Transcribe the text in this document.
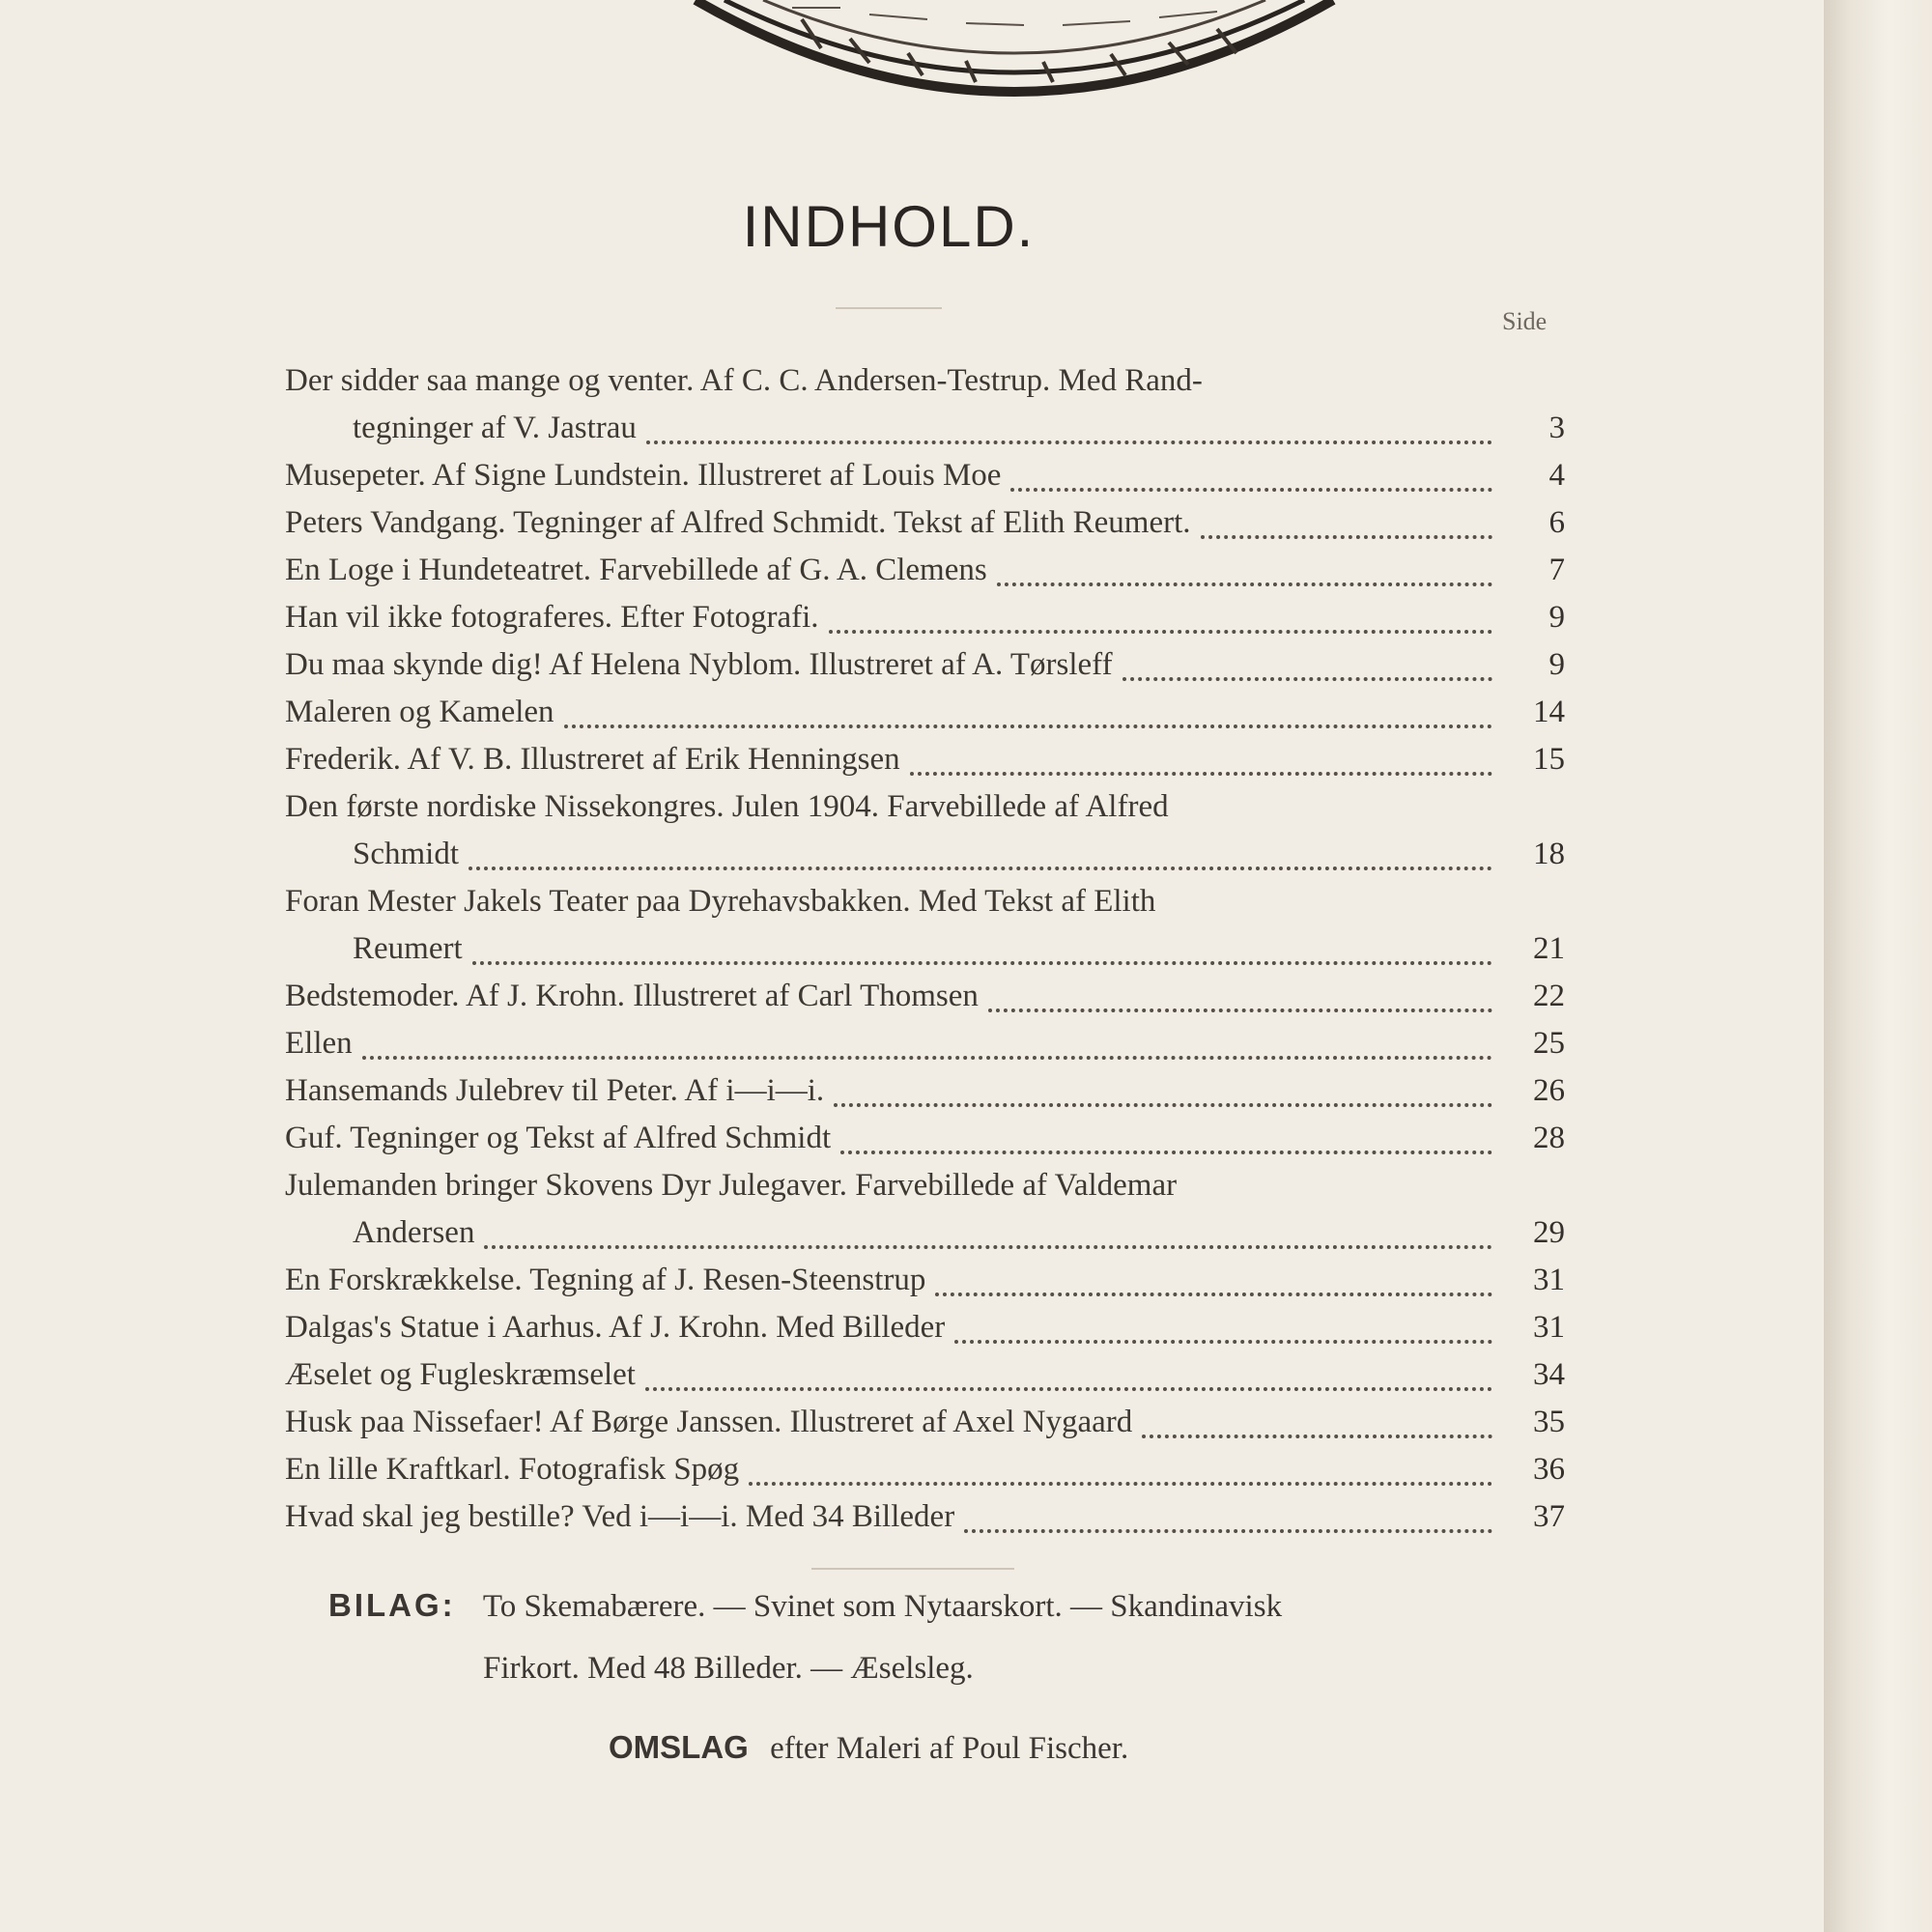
INDHOLD.
Side
Der sidder saa mange og venter. Af C. C. Andersen-Testrup. Med Rand-
tegninger af V. Jastrau	3
Musepeter. Af Signe Lundstein. Illustreret af Louis Moe	4
Peters Vandgang. Tegninger af Alfred Schmidt. Tekst af Elith Reumert.	6
En Loge i Hundeteatret. Farvebillede af G. A. Clemens	7
Han vil ikke fotograferes. Efter Fotografi.	9
Du maa skynde dig! Af Helena Nyblom. Illustreret af A. Tørsleff	9
Maleren og Kamelen	14
Frederik. Af V. B. Illustreret af Erik Henningsen	15
Den første nordiske Nissekongres. Julen 1904. Farvebillede af Alfred
Schmidt	18
Foran Mester Jakels Teater paa Dyrehavsbakken. Med Tekst af Elith
Reumert	21
Bedstemoder. Af J. Krohn. Illustreret af Carl Thomsen	22
Ellen	25
Hansemands Julebrev til Peter. Af i—i—i.	26
Guf. Tegninger og Tekst af Alfred Schmidt	28
Julemanden bringer Skovens Dyr Julegaver. Farvebillede af Valdemar
Andersen	29
En Forskrækkelse. Tegning af J. Resen-Steenstrup	31
Dalgas's Statue i Aarhus. Af J. Krohn. Med Billeder	31
Æselet og Fugleskræmselet	34
Husk paa Nissefaer! Af Børge Janssen. Illustreret af Axel Nygaard	35
En lille Kraftkarl. Fotografisk Spøg	36
Hvad skal jeg bestille? Ved i—i—i. Med 34 Billeder	37
BILAG: To Skemabærere. — Svinet som Nytaarskort. — Skandinavisk
Firkort. Med 48 Billeder. — Æselsleg.
OMSLAG efter Maleri af Poul Fischer.
